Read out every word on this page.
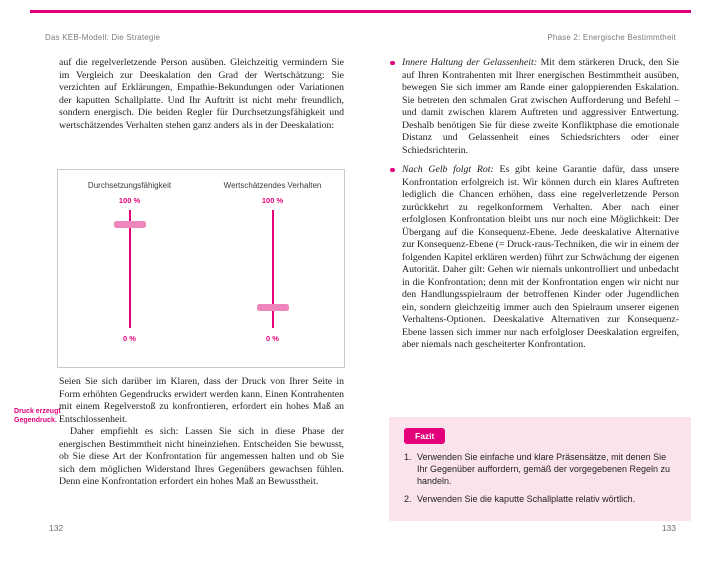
Das KEB-Modell: Die Strategie	Phase 2: Energische Bestimmtheit

auf die regelverletzende Person ausüben. Gleichzeitig vermindern Sie im Vergleich zur Deeskalation den Grad der Wertschätzung: Sie verzichten auf Erklärungen, Empathie-Bekundungen oder Variationen der kaputten Schallplatte. Und Ihr Auftritt ist nicht mehr freundlich, sondern energisch. Die beiden Regler für Durchsetzungsfähigkeit und wertschätzendes Verhalten stehen ganz anders als in der Deeskalation:

Durchsetzungsfähigkeit
100 %
0 %
Wertschätzendes Verhalten
100 %
0 %
Druck erzeugt Gegendruck.

Seien Sie sich darüber im Klaren, dass der Druck von Ihrer Seite in Form erhöhten Gegendrucks erwidert werden kann. Einen Kontrahenten mit einem Regelverstoß zu konfrontieren, erfordert ein hohes Maß an Entschlossenheit.

Daher empfiehlt es sich: Lassen Sie sich in diese Phase der energischen Bestimmtheit nicht hineinziehen. Entscheiden Sie bewusst, ob Sie diese Art der Konfrontation für angemessen halten und ob Sie sich dem möglichen Widerstand Ihres Gegenübers gewachsen fühlen. Denn eine Konfrontation erfordert ein hohes Maß an Bewusstheit.

132
Innere Haltung der Gelassenheit: Mit dem stärkeren Druck, den Sie auf Ihren Kontrahenten mit Ihrer energischen Bestimmtheit ausüben, bewegen Sie sich immer am Rande einer galoppierenden Eskalation. Sie betreten den schmalen Grat zwischen Aufforderung und Befehl – und damit zwischen klarem Auftreten und aggressiver Entwertung. Deshalb benötigen Sie für diese zweite Konfliktphase die emotionale Distanz und Gelassenheit eines Schiedsrichters oder einer Schiedsrichterin.
Nach Gelb folgt Rot: Es gibt keine Garantie dafür, dass unsere Konfrontation erfolgreich ist. Wir können durch ein klares Auftreten lediglich die Chancen erhöhen, dass eine regelverletzende Person zurückkehrt zu regelkonformem Verhalten. Aber nach einer erfolglosen Konfrontation bleibt uns nur noch eine Möglichkeit: Der Übergang auf die Konsequenz-Ebene. Jede deeskalative Alternative zur Konsequenz-Ebene (= Druck-raus-Techniken, die wir in einem der folgenden Kapitel erklären werden) führt zur Schwächung der eigenen Autorität. Daher gilt: Gehen wir niemals unkontrolliert und unbedacht in die Konfrontation; denn mit der Konfrontation engen wir nicht nur den Handlungsspielraum der betroffenen Kinder oder Jugendlichen ein, sondern gleichzeitig immer auch den Spielraum unserer eigenen Verhaltens-Optionen. Deeskalative Alternativen zur Konsequenz-Ebene lassen sich immer nur nach erfolgloser Deeskalation ergreifen, aber niemals nach gescheiterter Konfrontation.
Fazit
1. Verwenden Sie einfache und klare Präsensätze, mit denen Sie Ihr Gegenüber auffordern, gemäß der vorgegebenen Regeln zu handeln.
2. Verwenden Sie die kaputte Schallplatte relativ wörtlich.
133
